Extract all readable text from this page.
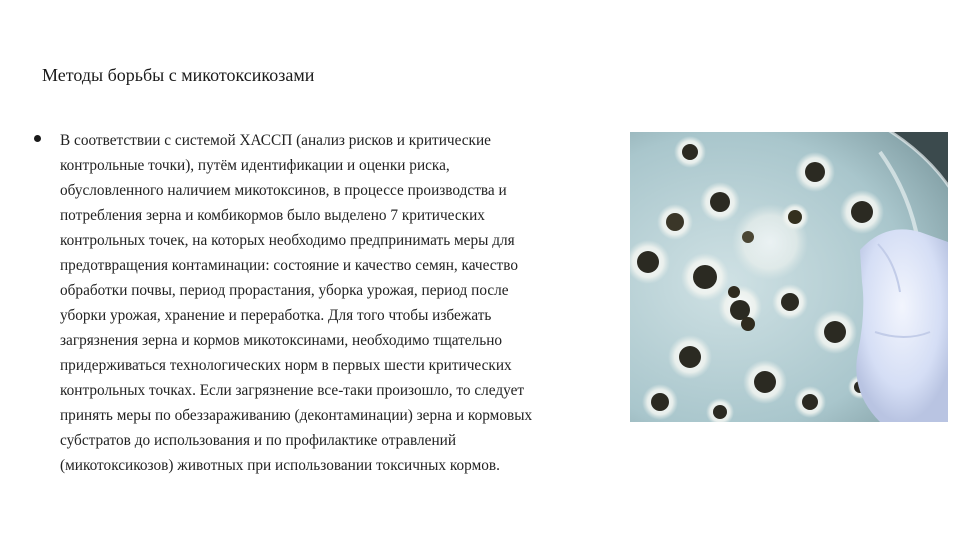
Методы борьбы с микотоксикозами
В соответствии с системой ХАССП (анализ рисков и критические
контрольные точки), путём идентификации и оценки риска,
обусловленного наличием микотоксинов, в процессе производства и
потребления зерна и комбикормов было выделено 7 критических
контрольных точек, на которых необходимо предпринимать меры для
предотвращения контаминации: состояние и качество семян, качество
обработки почвы, период прорастания, уборка урожая, период после
уборки урожая, хранение и переработка. Для того чтобы избежать
загрязнения зерна и кормов микотоксинами, необходимо тщательно
придерживаться технологических норм в первых шести критических
контрольных точках. Если загрязнение все-таки произошло, то следует
принять меры по обеззараживанию (деконтаминации) зерна и кормовых
субстратов до использования и по профилактике отравлений
(микотоксикозов) животных при использовании токсичных кормов.
